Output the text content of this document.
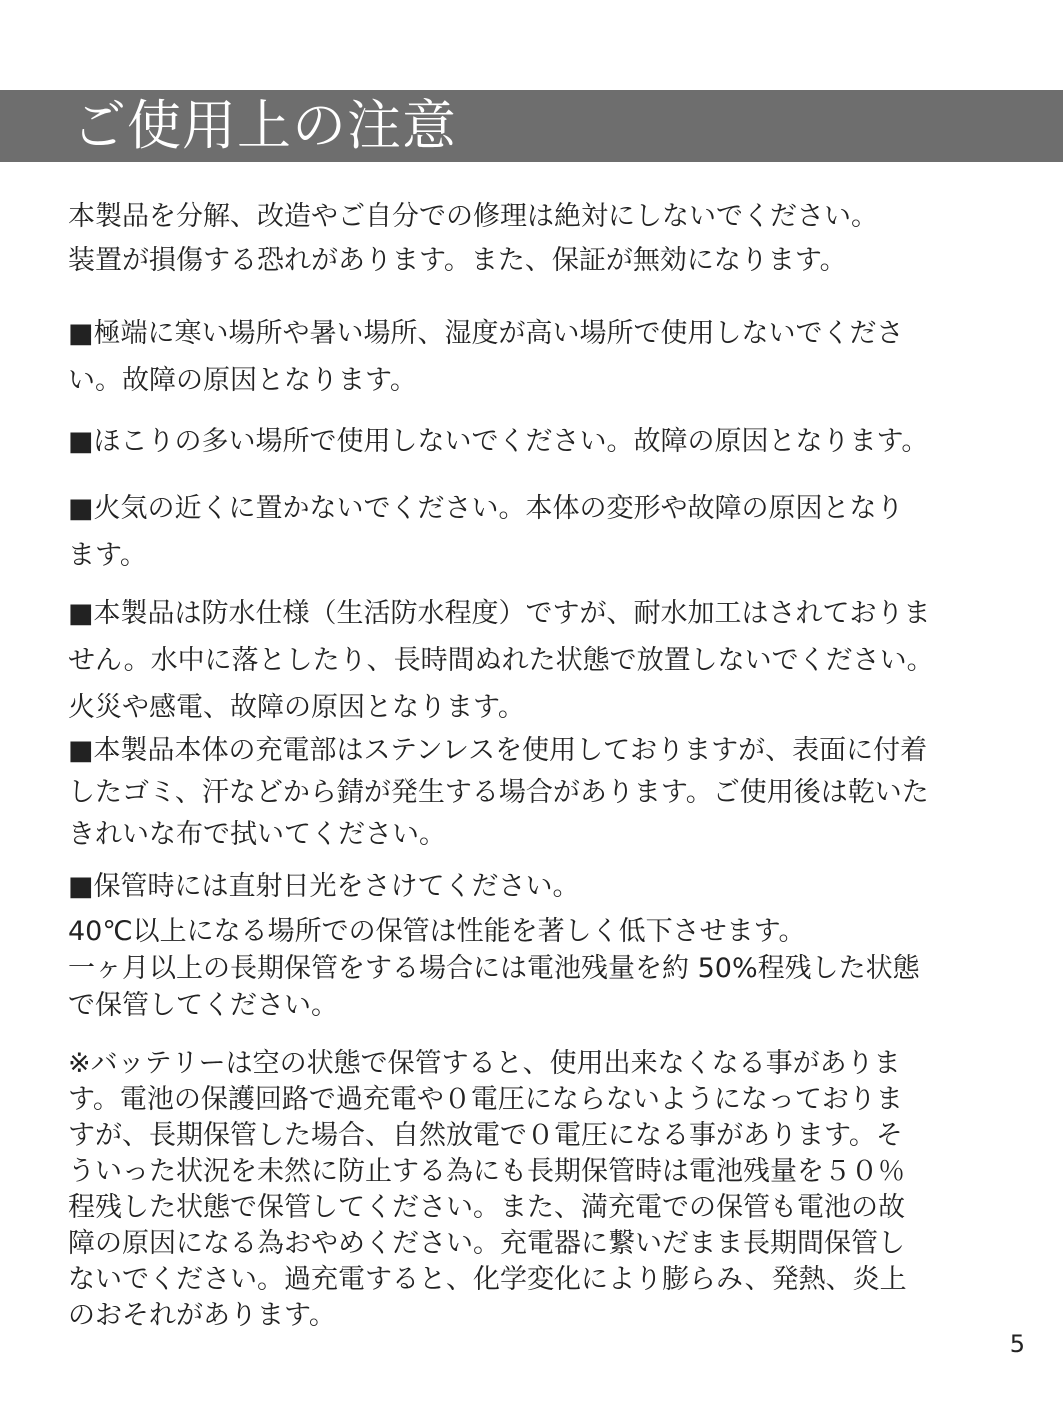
ご使用上の注意
本製品を分解、改造やご自分での修理は絶対にしないでください。
装置が損傷する恐れがあります。また、保証が無効になります。
■極端に寒い場所や暑い場所、湿度が高い場所で使用しないでくださ
い。故障の原因となります。
■ほこりの多い場所で使用しないでください。故障の原因となります。
■火気の近くに置かないでください。本体の変形や故障の原因となり
ます。
■本製品は防水仕様（生活防水程度）ですが、耐水加工はされておりま
せん。水中に落としたり、長時間ぬれた状態で放置しないでください。
火災や感電、故障の原因となります。
■本製品本体の充電部はステンレスを使用しておりますが、表面に付着
したゴミ、汗などから錆が発生する場合があります。ご使用後は乾いた
きれいな布で拭いてください。
■保管時には直射日光をさけてください。
40℃以上になる場所での保管は性能を著しく低下させます。
一ヶ月以上の長期保管をする場合には電池残量を約 50%程残した状態
で保管してください。
※バッテリーは空の状態で保管すると、使用出来なくなる事がありま
す。電池の保護回路で過充電や０電圧にならないようになっておりま
すが、長期保管した場合、自然放電で０電圧になる事があります。そ
ういった状況を未然に防止する為にも長期保管時は電池残量を５０％
程残した状態で保管してください。また、満充電での保管も電池の故
障の原因になる為おやめください。充電器に繋いだまま長期間保管し
ないでください。過充電すると、化学変化により膨らみ、発熱、炎上
のおそれがあります。
5
